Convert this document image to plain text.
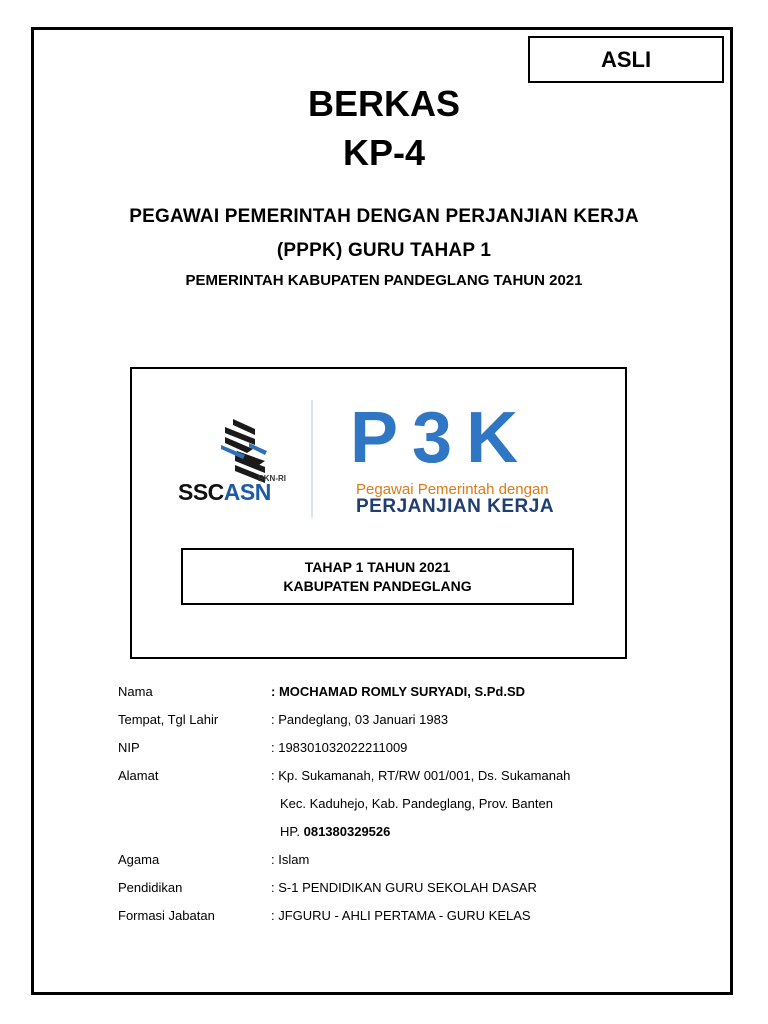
ASLI
BERKAS
KP-4
PEGAWAI PEMERINTAH DENGAN PERJANJIAN KERJA
(PPPK) GURU TAHAP 1
PEMERINTAH KABUPATEN PANDEGLANG TAHUN 2021
BKN-RI
SSCASN
P3K
Pegawai Pemerintah dengan
PERJANJIAN KERJA
TAHAP 1 TAHUN 2021
KABUPATEN PANDEGLANG
Nama	: MOCHAMAD ROMLY SURYADI, S.Pd.SD
Tempat, Tgl Lahir	: Pandeglang, 03 Januari 1983
NIP	: 198301032022211009
Alamat	: Kp. Sukamanah, RT/RW 001/001, Ds. Sukamanah
Kec. Kaduhejo, Kab. Pandeglang, Prov. Banten
HP. 081380329526
Agama	: Islam
Pendidikan	: S-1 PENDIDIKAN GURU SEKOLAH DASAR
Formasi Jabatan	: JFGURU - AHLI PERTAMA - GURU KELAS
